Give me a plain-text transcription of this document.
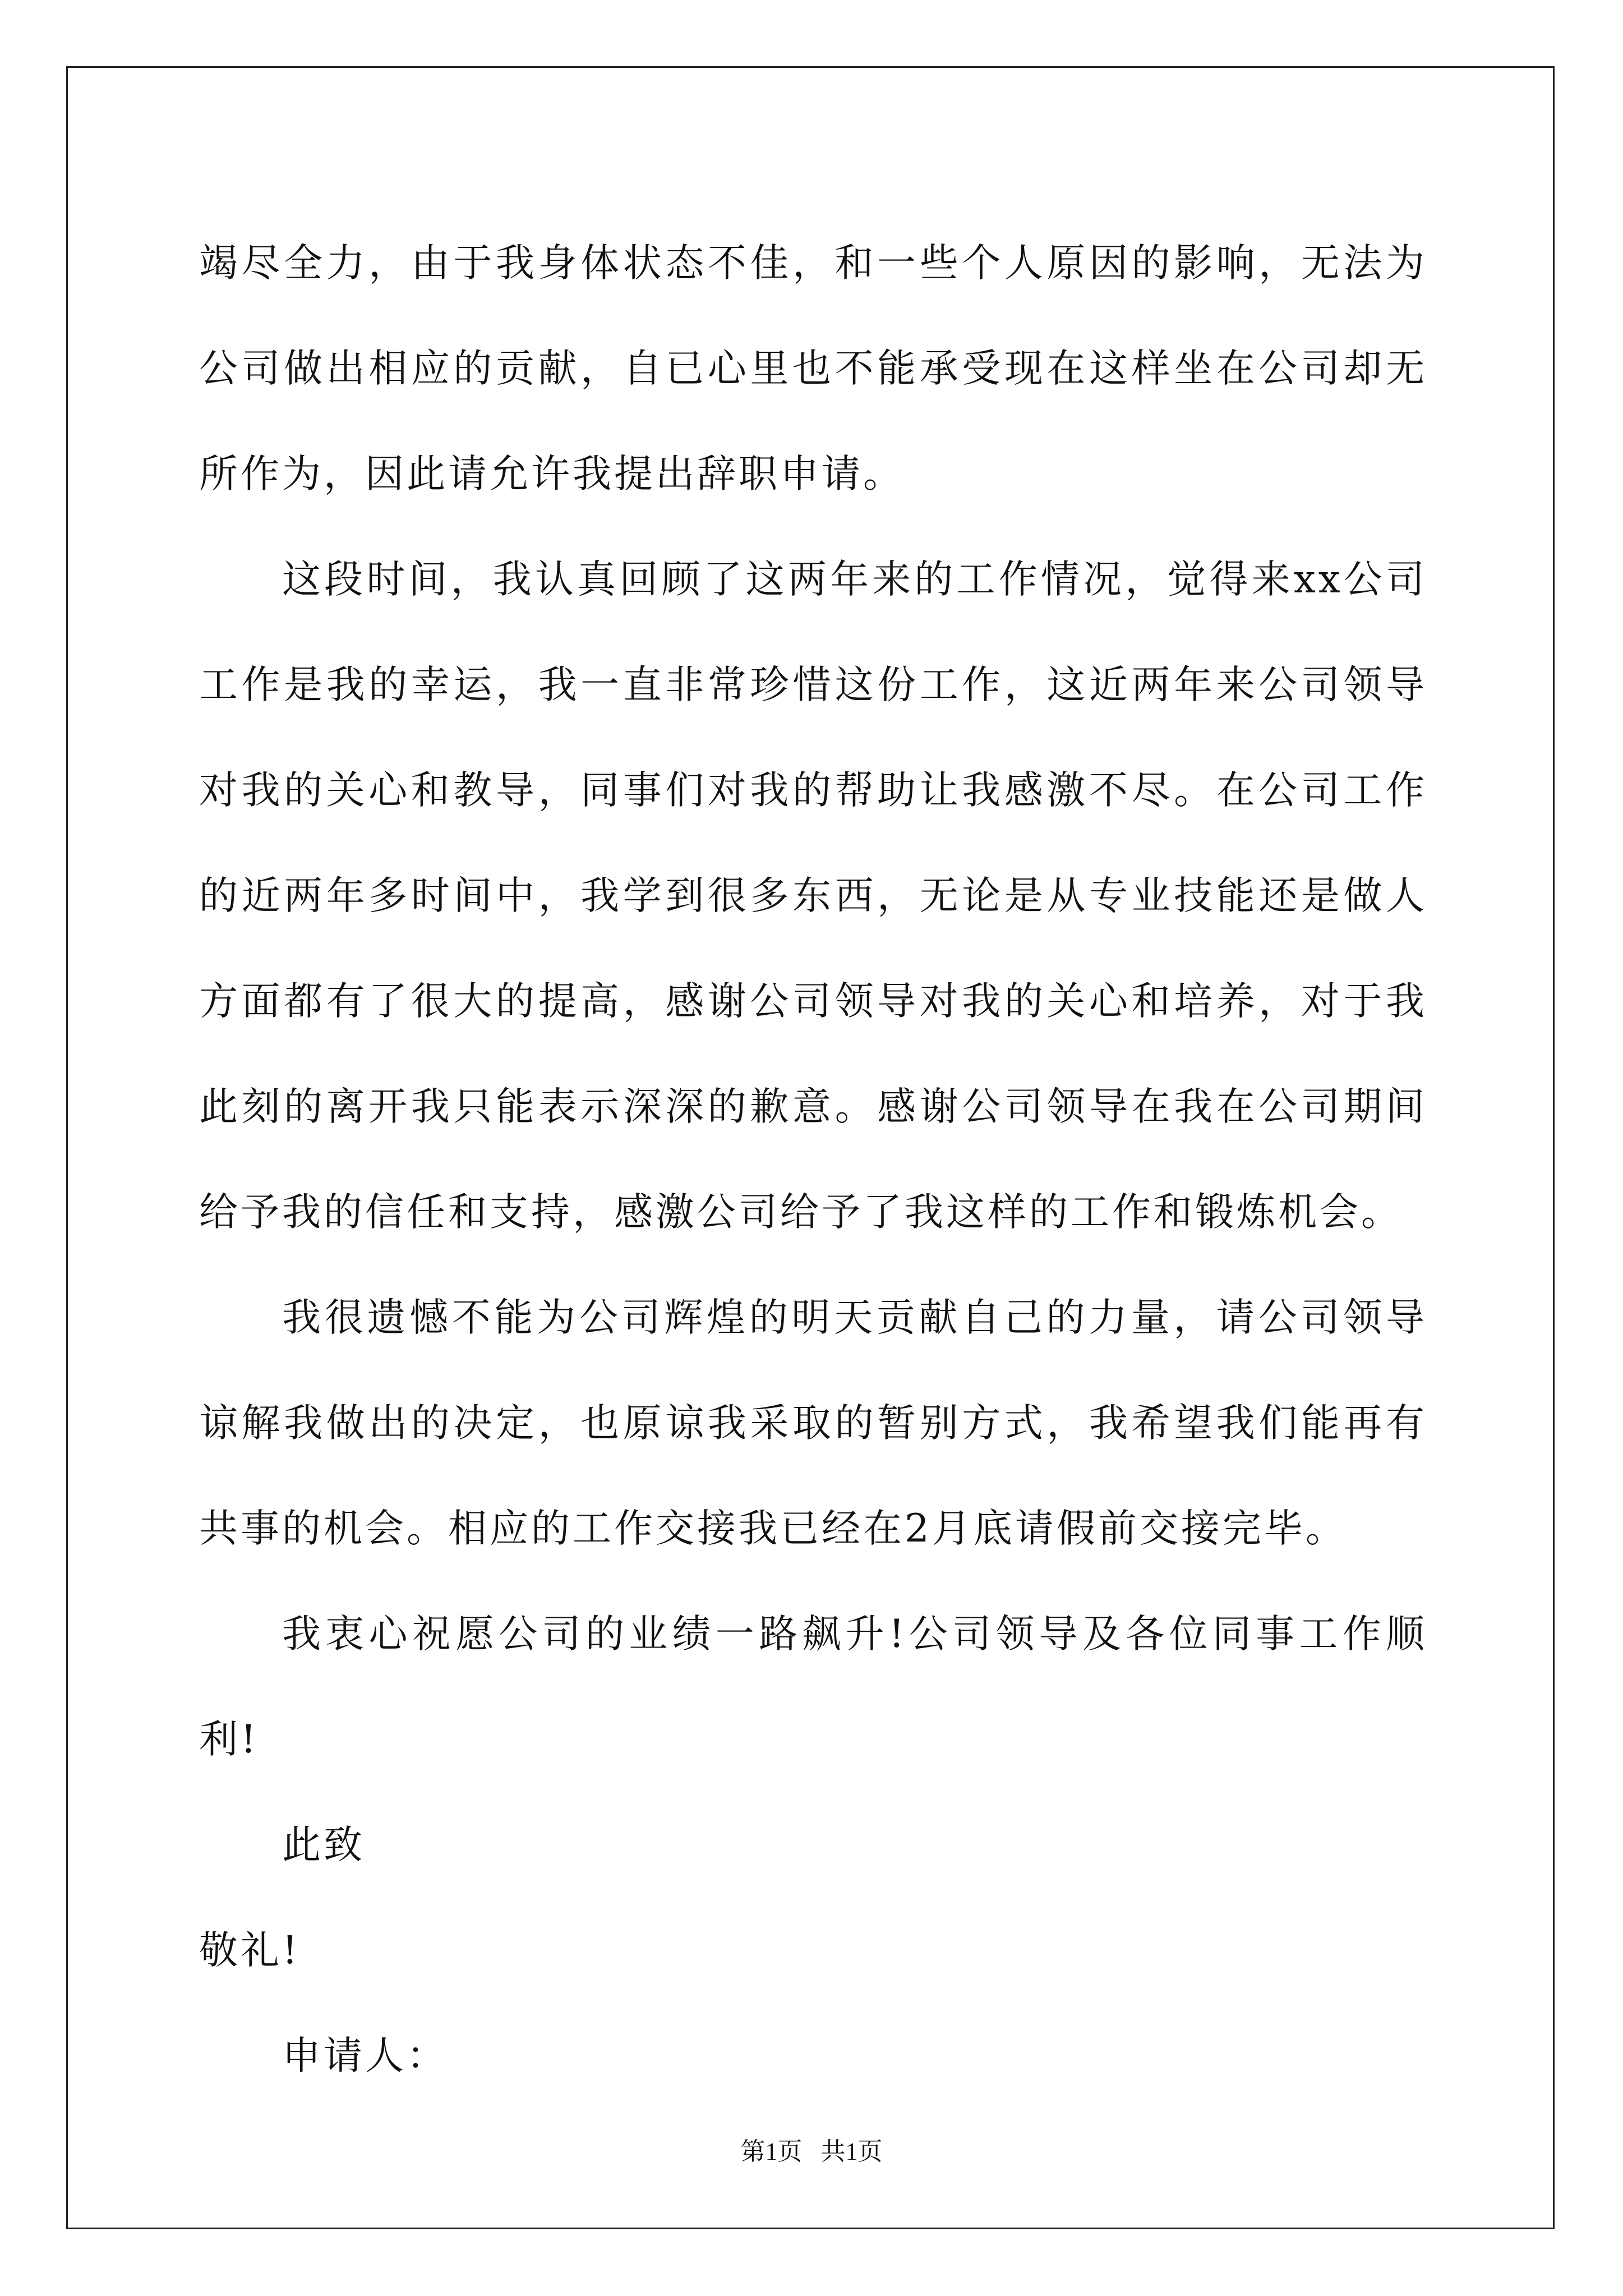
竭尽全力，由于我身体状态不佳，和一些个人原因的影响，无法为公司做出相应的贡献，自已心里也不能承受现在这样坐在公司却无所作为，因此请允许我提出辞职申请。

这段时间，我认真回顾了这两年来的工作情况，觉得来xx公司工作是我的幸运，我一直非常珍惜这份工作，这近两年来公司领导对我的关心和教导，同事们对我的帮助让我感激不尽。在公司工作的近两年多时间中，我学到很多东西，无论是从专业技能还是做人方面都有了很大的提高，感谢公司领导对我的关心和培养，对于我此刻的离开我只能表示深深的歉意。感谢公司领导在我在公司期间给予我的信任和支持，感激公司给予了我这样的工作和锻炼机会。

我很遗憾不能为公司辉煌的明天贡献自己的力量，请公司领导谅解我做出的决定，也原谅我采取的暂别方式，我希望我们能再有共事的机会。相应的工作交接我已经在2月底请假前交接完毕。

我衷心祝愿公司的业绩一路飙升!公司领导及各位同事工作顺利!

此致

敬礼!

申请人：

第1页 共1页
